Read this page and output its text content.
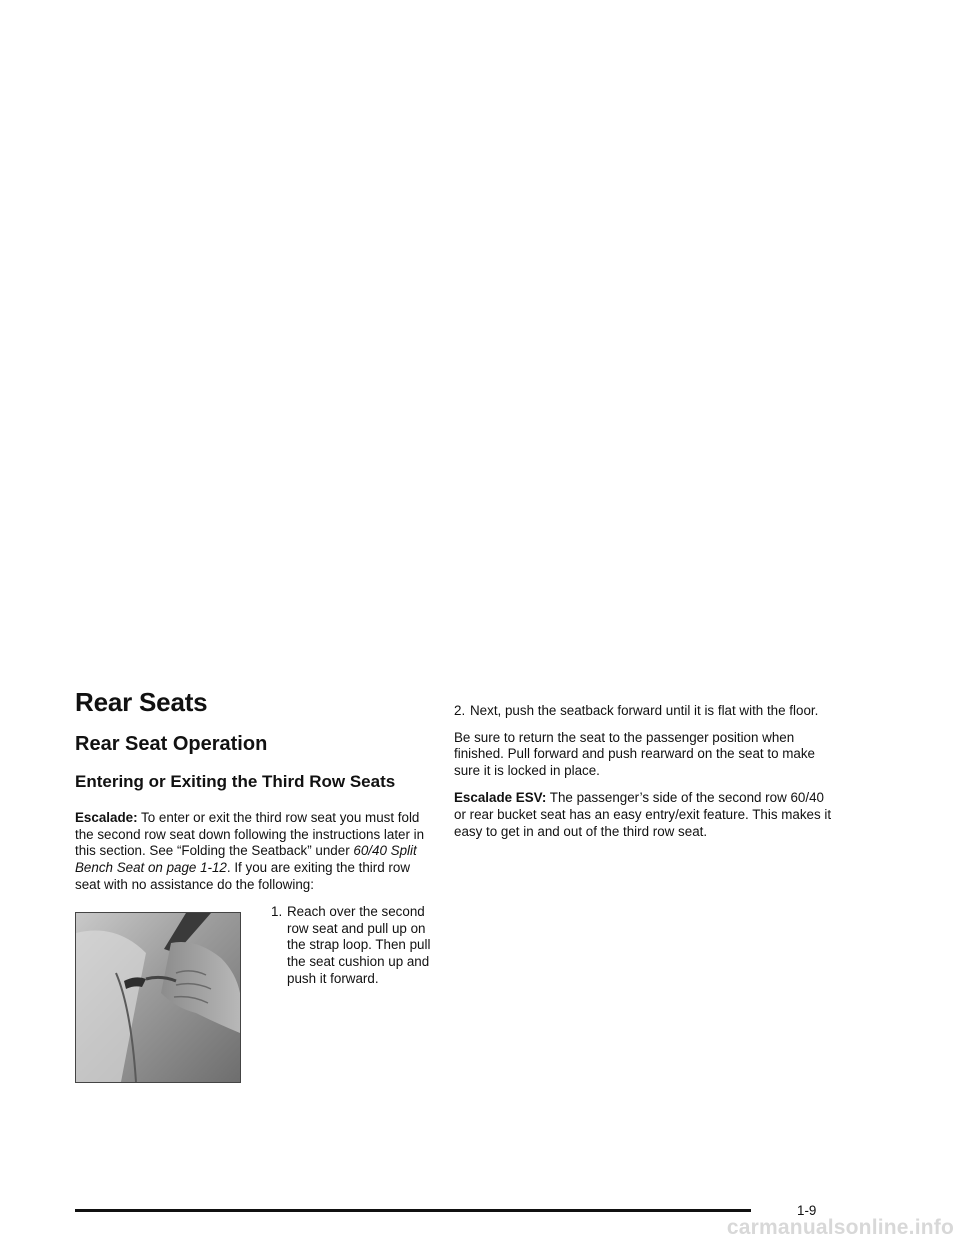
Rear Seats
Rear Seat Operation
Entering or Exiting the Third Row Seats

Escalade: To enter or exit the third row seat you must fold the second row seat down following the instructions later in this section. See “Folding the Seatback” under 60/40 Split Bench Seat on page 1-12. If you are exiting the third row seat with no assistance do the following:

1. Reach over the second row seat and pull up on the strap loop. Then pull the seat cushion up and push it forward.
2. Next, push the seatback forward until it is flat with the floor.

Be sure to return the seat to the passenger position when finished. Pull forward and push rearward on the seat to make sure it is locked in place.

Escalade ESV: The passenger’s side of the second row 60/40 or rear bucket seat has an easy entry/exit feature. This makes it easy to get in and out of the third row seat.

1-9
carmanualsonline.info
